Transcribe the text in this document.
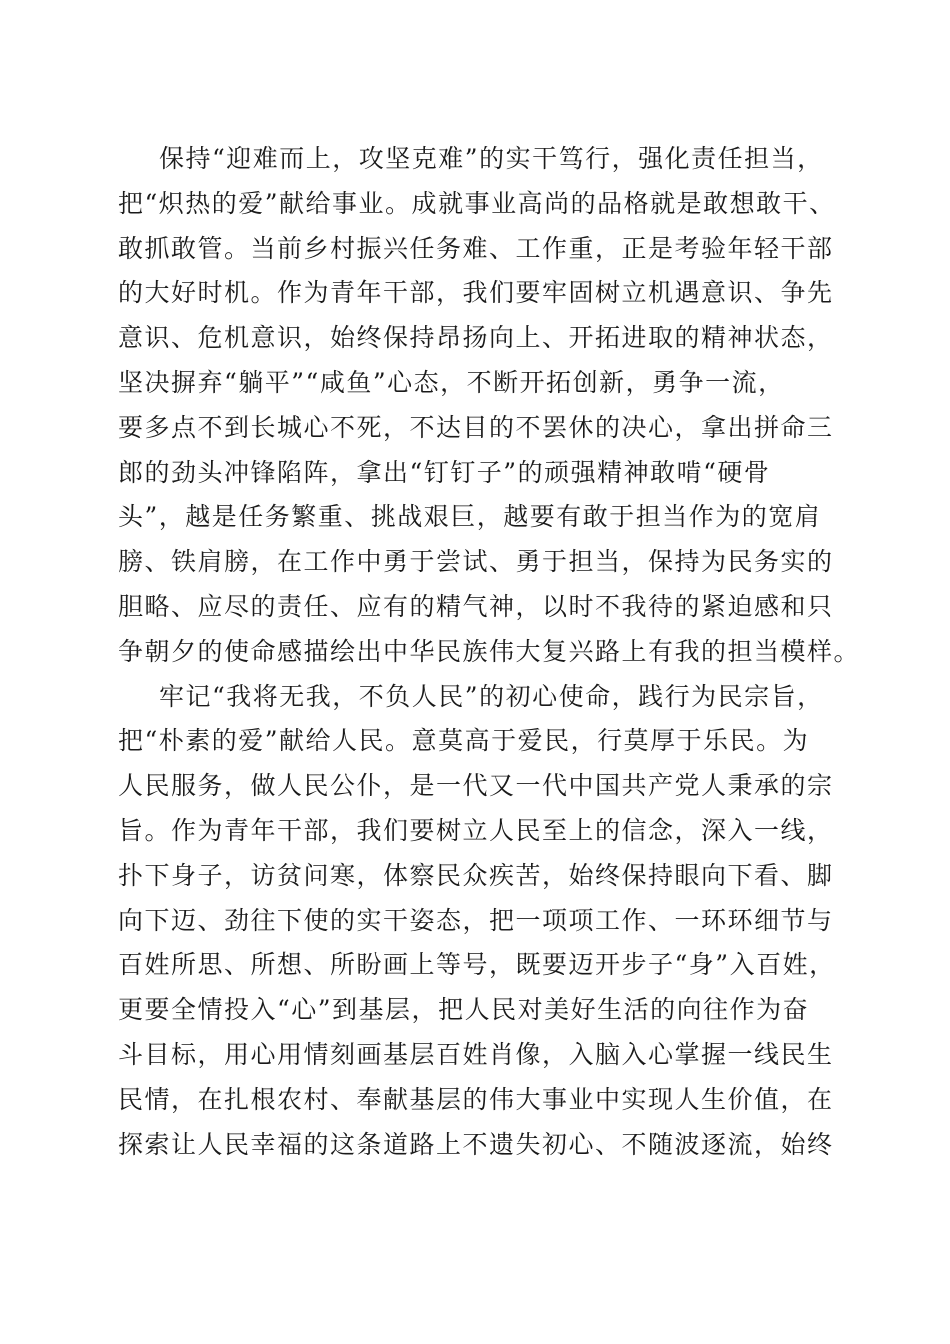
保持“迎难而上，攻坚克难”的实干笃行，强化责任担当，
把“炽热的爱”献给事业。成就事业高尚的品格就是敢想敢干、
敢抓敢管。当前乡村振兴任务难、工作重，正是考验年轻干部
的大好时机。作为青年干部，我们要牢固树立机遇意识、争先
意识、危机意识，始终保持昂扬向上、开拓进取的精神状态，
坚决摒弃“躺平”“咸鱼”心态，不断开拓创新，勇争一流，
要多点不到长城心不死，不达目的不罢休的决心，拿出拼命三
郎的劲头冲锋陷阵，拿出“钉钉子”的顽强精神敢啃“硬骨
头”，越是任务繁重、挑战艰巨，越要有敢于担当作为的宽肩
膀、铁肩膀，在工作中勇于尝试、勇于担当，保持为民务实的
胆略、应尽的责任、应有的精气神，以时不我待的紧迫感和只
争朝夕的使命感描绘出中华民族伟大复兴路上有我的担当模样。
牢记“我将无我，不负人民”的初心使命，践行为民宗旨，
把“朴素的爱”献给人民。意莫高于爱民，行莫厚于乐民。为
人民服务，做人民公仆，是一代又一代中国共产党人秉承的宗
旨。作为青年干部，我们要树立人民至上的信念，深入一线，
扑下身子，访贫问寒，体察民众疾苦，始终保持眼向下看、脚
向下迈、劲往下使的实干姿态，把一项项工作、一环环细节与
百姓所思、所想、所盼画上等号，既要迈开步子“身”入百姓，
更要全情投入“心”到基层，把人民对美好生活的向往作为奋
斗目标，用心用情刻画基层百姓肖像，入脑入心掌握一线民生
民情，在扎根农村、奉献基层的伟大事业中实现人生价值，在
探索让人民幸福的这条道路上不遗失初心、不随波逐流，始终
